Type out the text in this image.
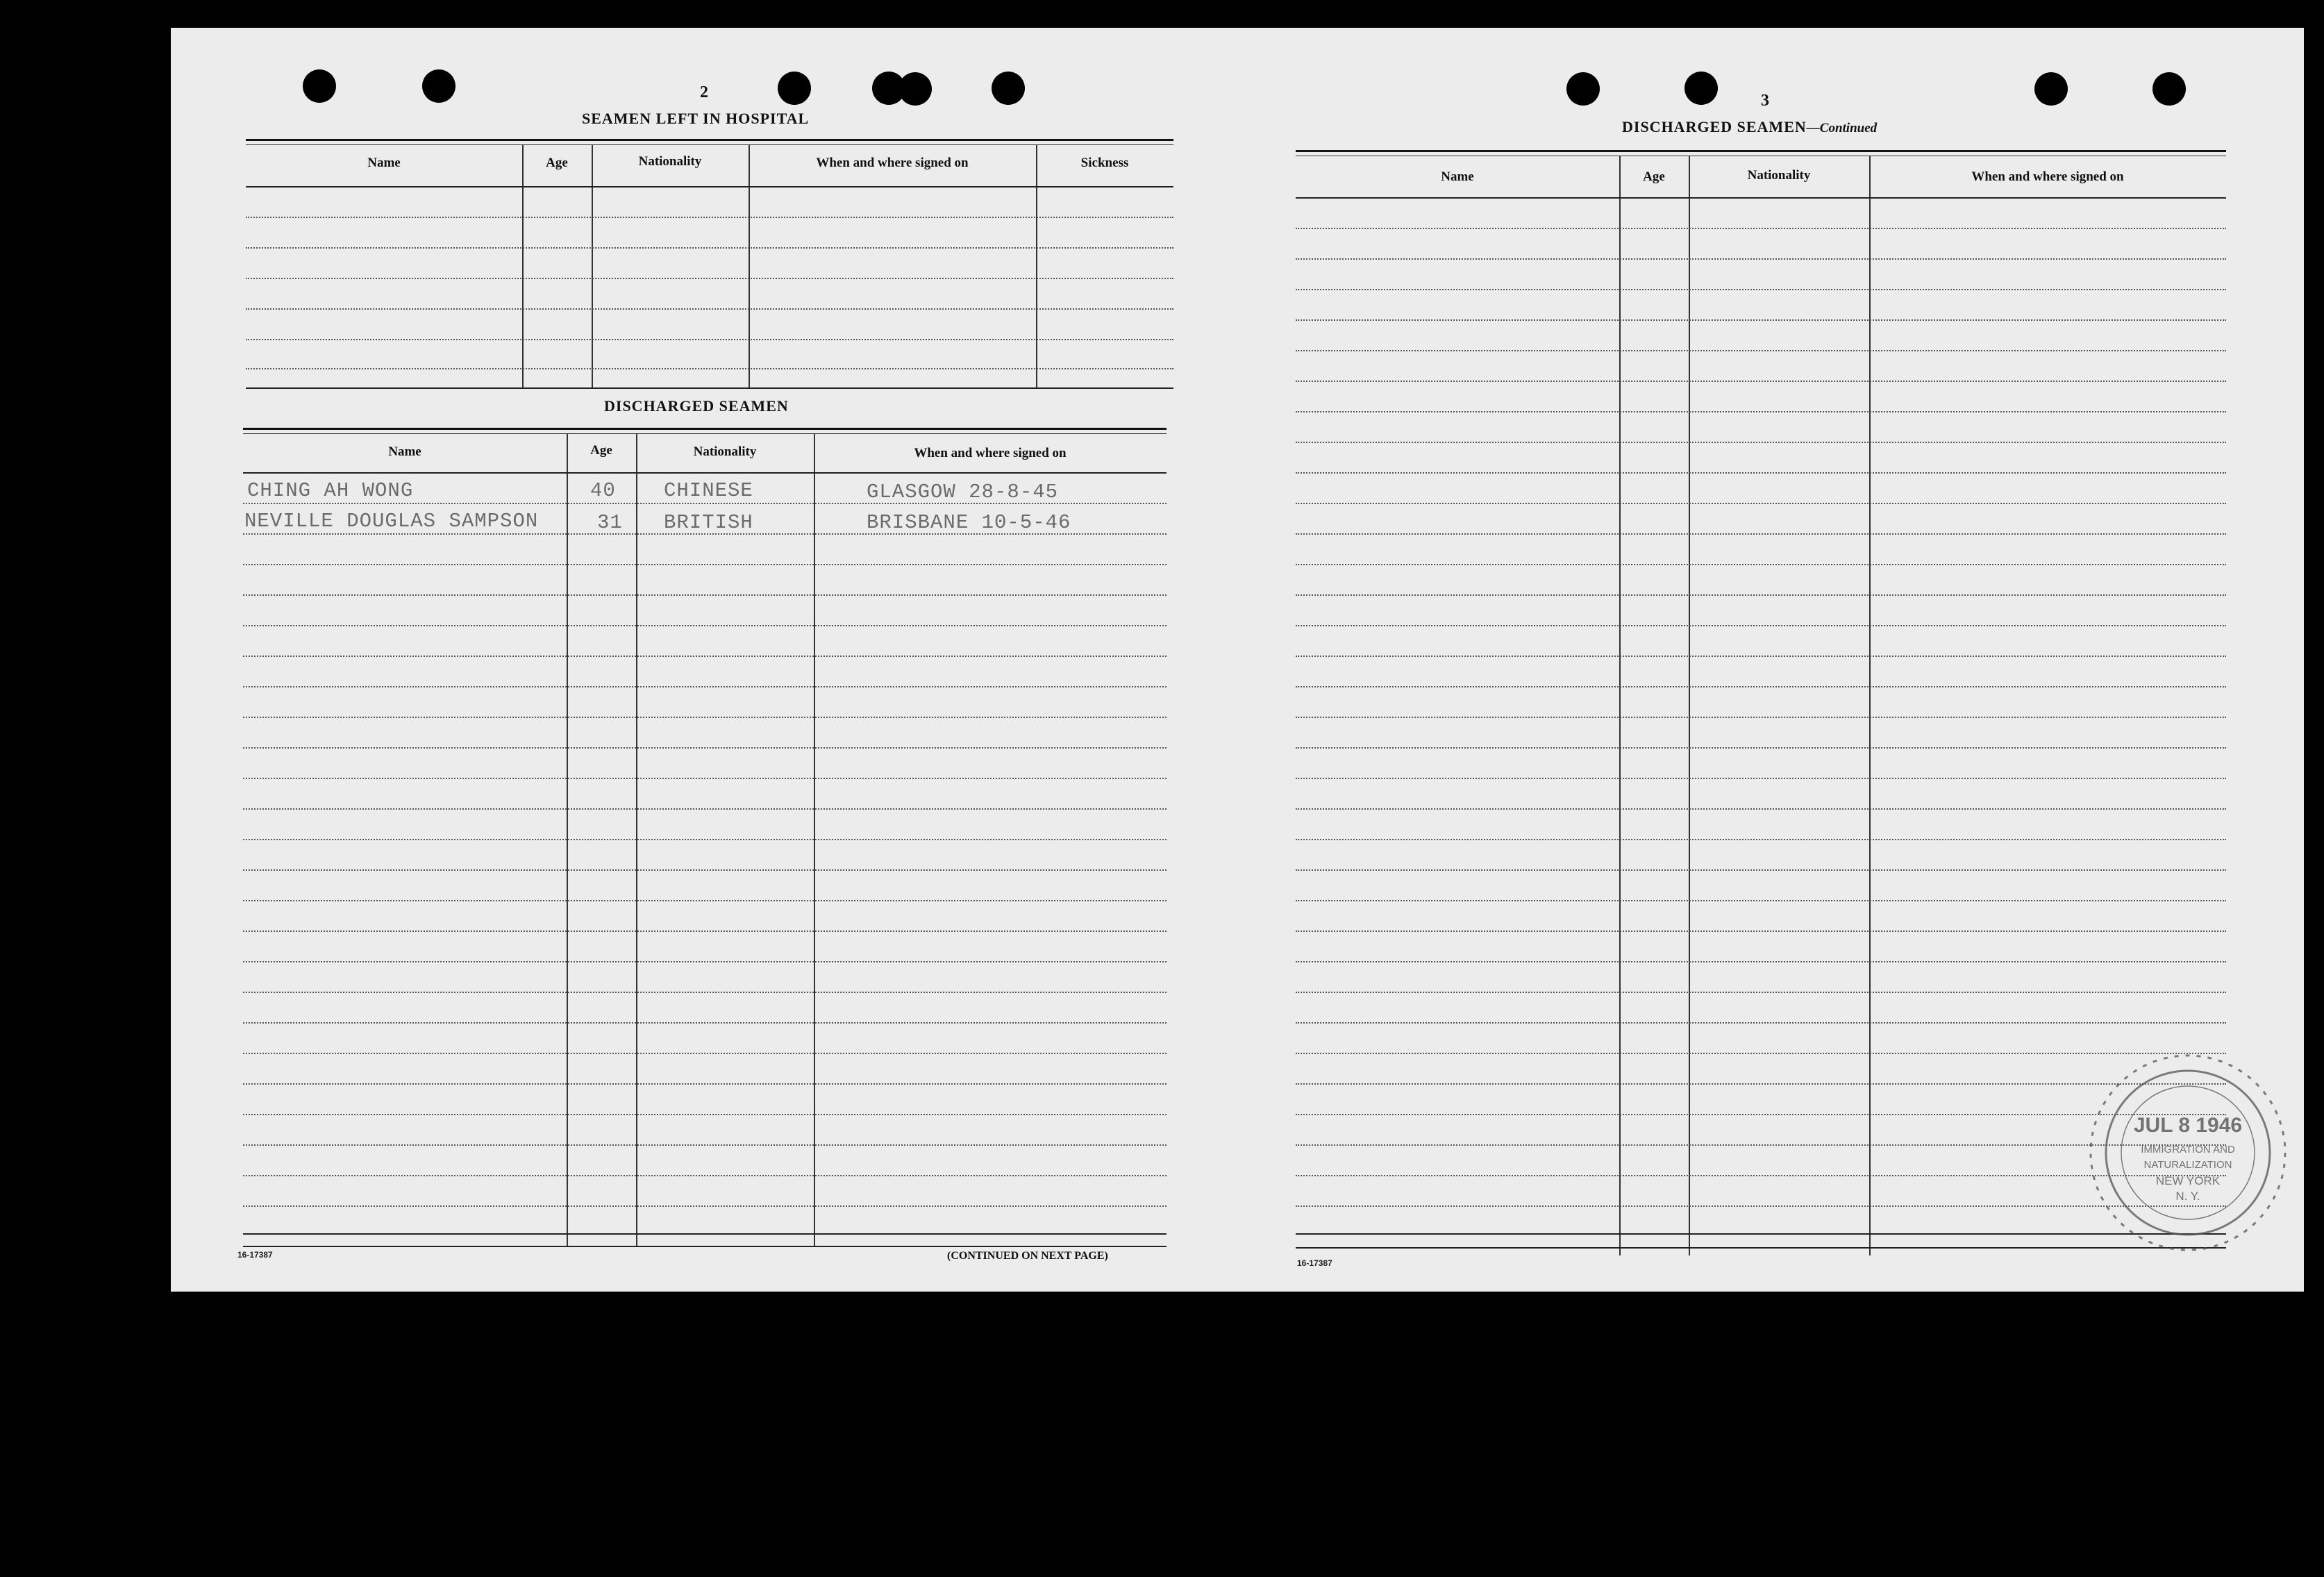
2
SEAMEN LEFT IN HOSPITAL
Name	Age	Nationality	When and where signed on	Sickness
DISCHARGED SEAMEN
Name	Age	Nationality	When and where signed on
CHING AH WONG	40 CHINESE	GLASGOW 28-8-45
NEVILLE DOUGLAS SAMPSON	31 BRITISH	BRISBANE 10-5-46
16-17387	(CONTINUED ON NEXT PAGE)
3
DISCHARGED SEAMEN—Continued
Name	Age	Nationality	When and where signed on
16-17387
JUL 8 1946
IMMIGRATION AND
NATURALIZATION
NEW YORK
N. Y.
